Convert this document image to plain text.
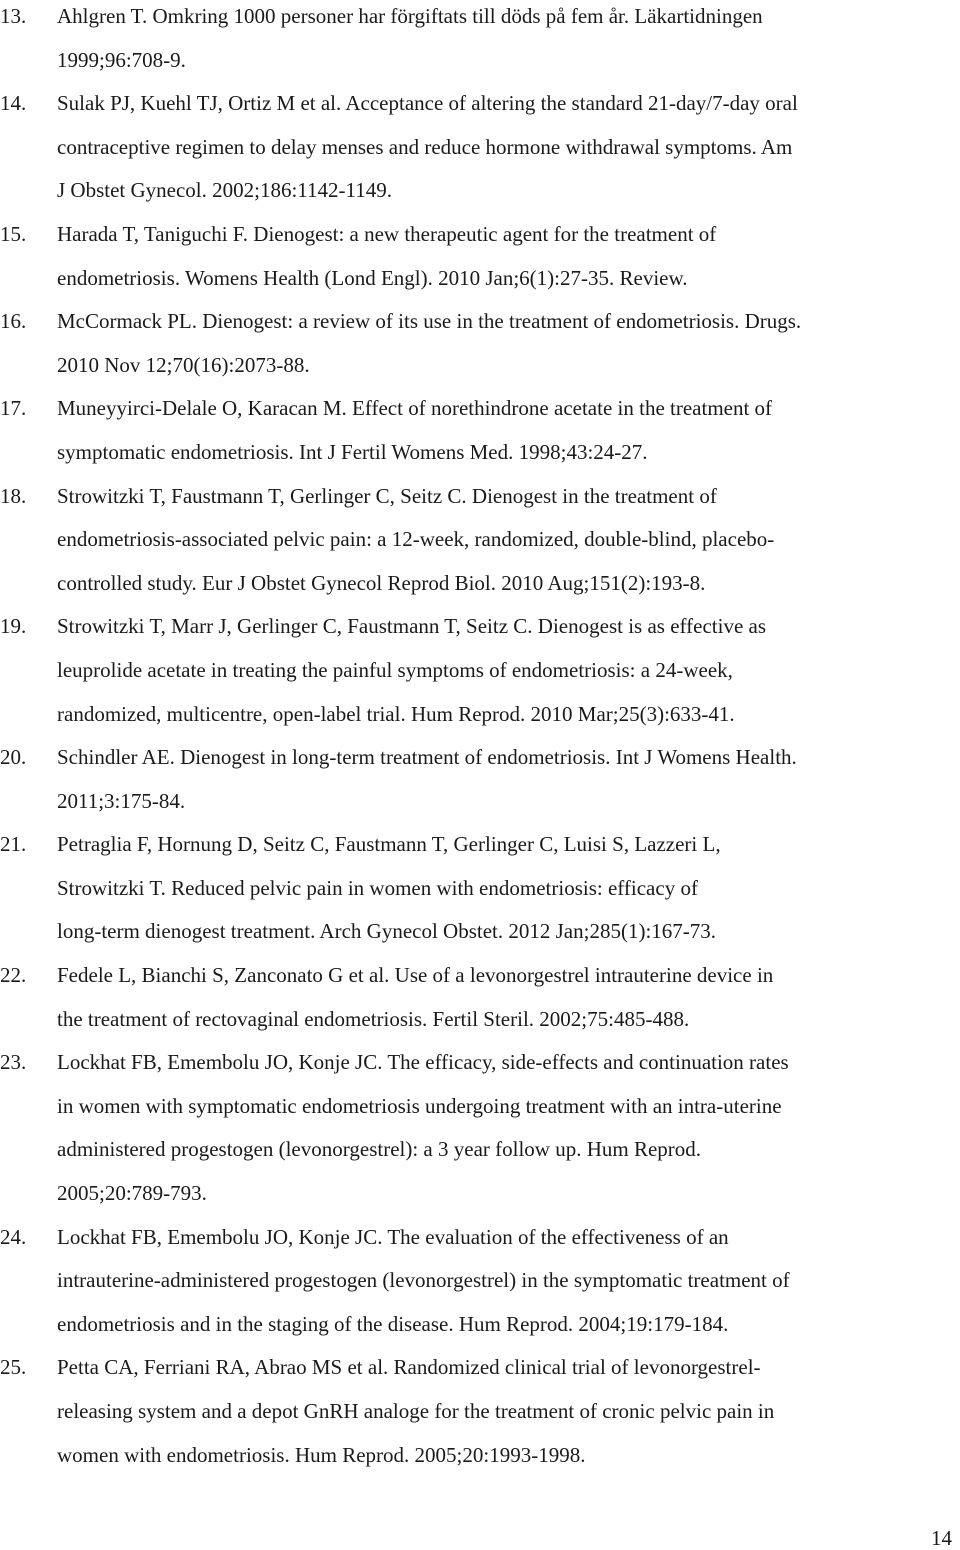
13.	Ahlgren T. Omkring 1000 personer har förgiftats till döds på fem år. Läkartidningen
1999;96:708-9.
14.	Sulak PJ, Kuehl TJ, Ortiz M et al. Acceptance of altering the standard 21-day/7-day oral
contraceptive regimen to delay menses and reduce hormone withdrawal symptoms. Am
J Obstet Gynecol. 2002;186:1142-1149.
15.	Harada T, Taniguchi F. Dienogest: a new therapeutic agent for the treatment of
endometriosis. Womens Health (Lond Engl). 2010 Jan;6(1):27-35. Review.
16.	McCormack PL. Dienogest: a review of its use in the treatment of endometriosis. Drugs.
2010 Nov 12;70(16):2073-88.
17.	Muneyyirci-Delale O, Karacan M. Effect of norethindrone acetate in the treatment of
symptomatic endometriosis. Int J Fertil Womens Med. 1998;43:24-27.
18.	Strowitzki T, Faustmann T, Gerlinger C, Seitz C. Dienogest in the treatment of
endometriosis-associated pelvic pain: a 12-week, randomized, double-blind, placebo-
controlled study. Eur J Obstet Gynecol Reprod Biol. 2010 Aug;151(2):193-8.
19.	Strowitzki T, Marr J, Gerlinger C, Faustmann T, Seitz C. Dienogest is as effective as
leuprolide acetate in treating the painful symptoms of endometriosis: a 24-week,
randomized, multicentre, open-label trial. Hum Reprod. 2010 Mar;25(3):633-41.
20.	Schindler AE. Dienogest in long-term treatment of endometriosis. Int J Womens Health.
2011;3:175-84.
21.	Petraglia F, Hornung D, Seitz C, Faustmann T, Gerlinger C, Luisi S, Lazzeri L,
Strowitzki T. Reduced pelvic pain in women with endometriosis: efficacy of
long-term dienogest treatment. Arch Gynecol Obstet. 2012 Jan;285(1):167-73.
22.	Fedele L, Bianchi S, Zanconato G et al. Use of a levonorgestrel intrauterine device in
the treatment of rectovaginal endometriosis. Fertil Steril. 2002;75:485-488.
23.	Lockhat FB, Emembolu JO, Konje JC. The efficacy, side-effects and continuation rates
in women with symptomatic endometriosis undergoing treatment with an intra-uterine
administered progestogen (levonorgestrel): a 3 year follow up. Hum Reprod.
2005;20:789-793.
24.	Lockhat FB, Emembolu JO, Konje JC. The evaluation of the effectiveness of an
intrauterine-administered progestogen (levonorgestrel) in the symptomatic treatment of
endometriosis and in the staging of the disease. Hum Reprod. 2004;19:179-184.
25.	Petta CA, Ferriani RA, Abrao MS et al. Randomized clinical trial of levonorgestrel-
releasing system and a depot GnRH analoge for the treatment of cronic pelvic pain in
women with endometriosis. Hum Reprod. 2005;20:1993-1998.
14
